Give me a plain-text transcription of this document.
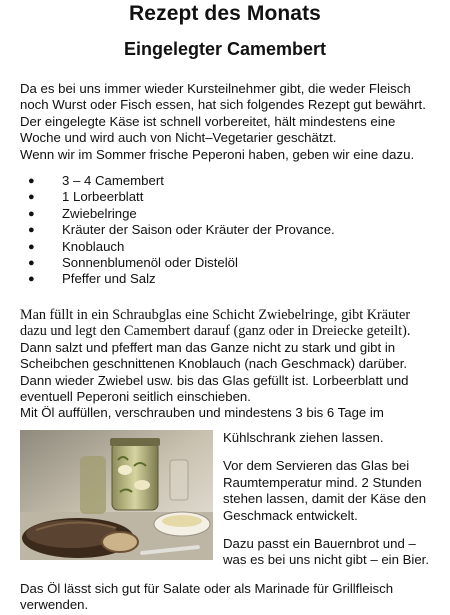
Rezept des Monats
Eingelegter Camembert
Da es bei uns immer wieder Kursteilnehmer gibt, die weder Fleisch
noch Wurst oder Fisch essen, hat sich folgendes Rezept gut bewährt.
Der eingelegte Käse ist schnell vorbereitet, hält mindestens eine
Woche und wird auch von Nicht–Vegetarier geschätzt.
Wenn wir im Sommer frische Peperoni haben, geben wir eine dazu.
● 3 – 4 Camembert
● 1 Lorbeerblatt
● Zwiebelringe
● Kräuter der Saison oder Kräuter der Provance.
● Knoblauch
● Sonnenblumenöl oder Distelöl
● Pfeffer und Salz
Man füllt in ein Schraubglas eine Schicht Zwiebelringe, gibt Kräuter
dazu und legt den Camembert darauf (ganz oder in Dreiecke geteilt).
Dann salzt und pfeffert man das Ganze nicht zu stark und gibt in
Scheibchen geschnittenen Knoblauch (nach Geschmack) darüber.
Dann wieder Zwiebel usw. bis das Glas gefüllt ist. Lorbeerblatt und
eventuell Peperoni seitlich einschieben.
Mit Öl auffüllen, verschrauben und mindestens 3 bis 6 Tage im
Kühlschrank ziehen lassen.
Vor dem Servieren das Glas bei
Raumtemperatur mind. 2 Stunden
stehen lassen, damit der Käse den
Geschmack entwickelt.
Dazu passt ein Bauernbrot und –
was es bei uns nicht gibt – ein Bier.
Das Öl lässt sich gut für Salate oder als Marinade für Grillfleisch
verwenden.
